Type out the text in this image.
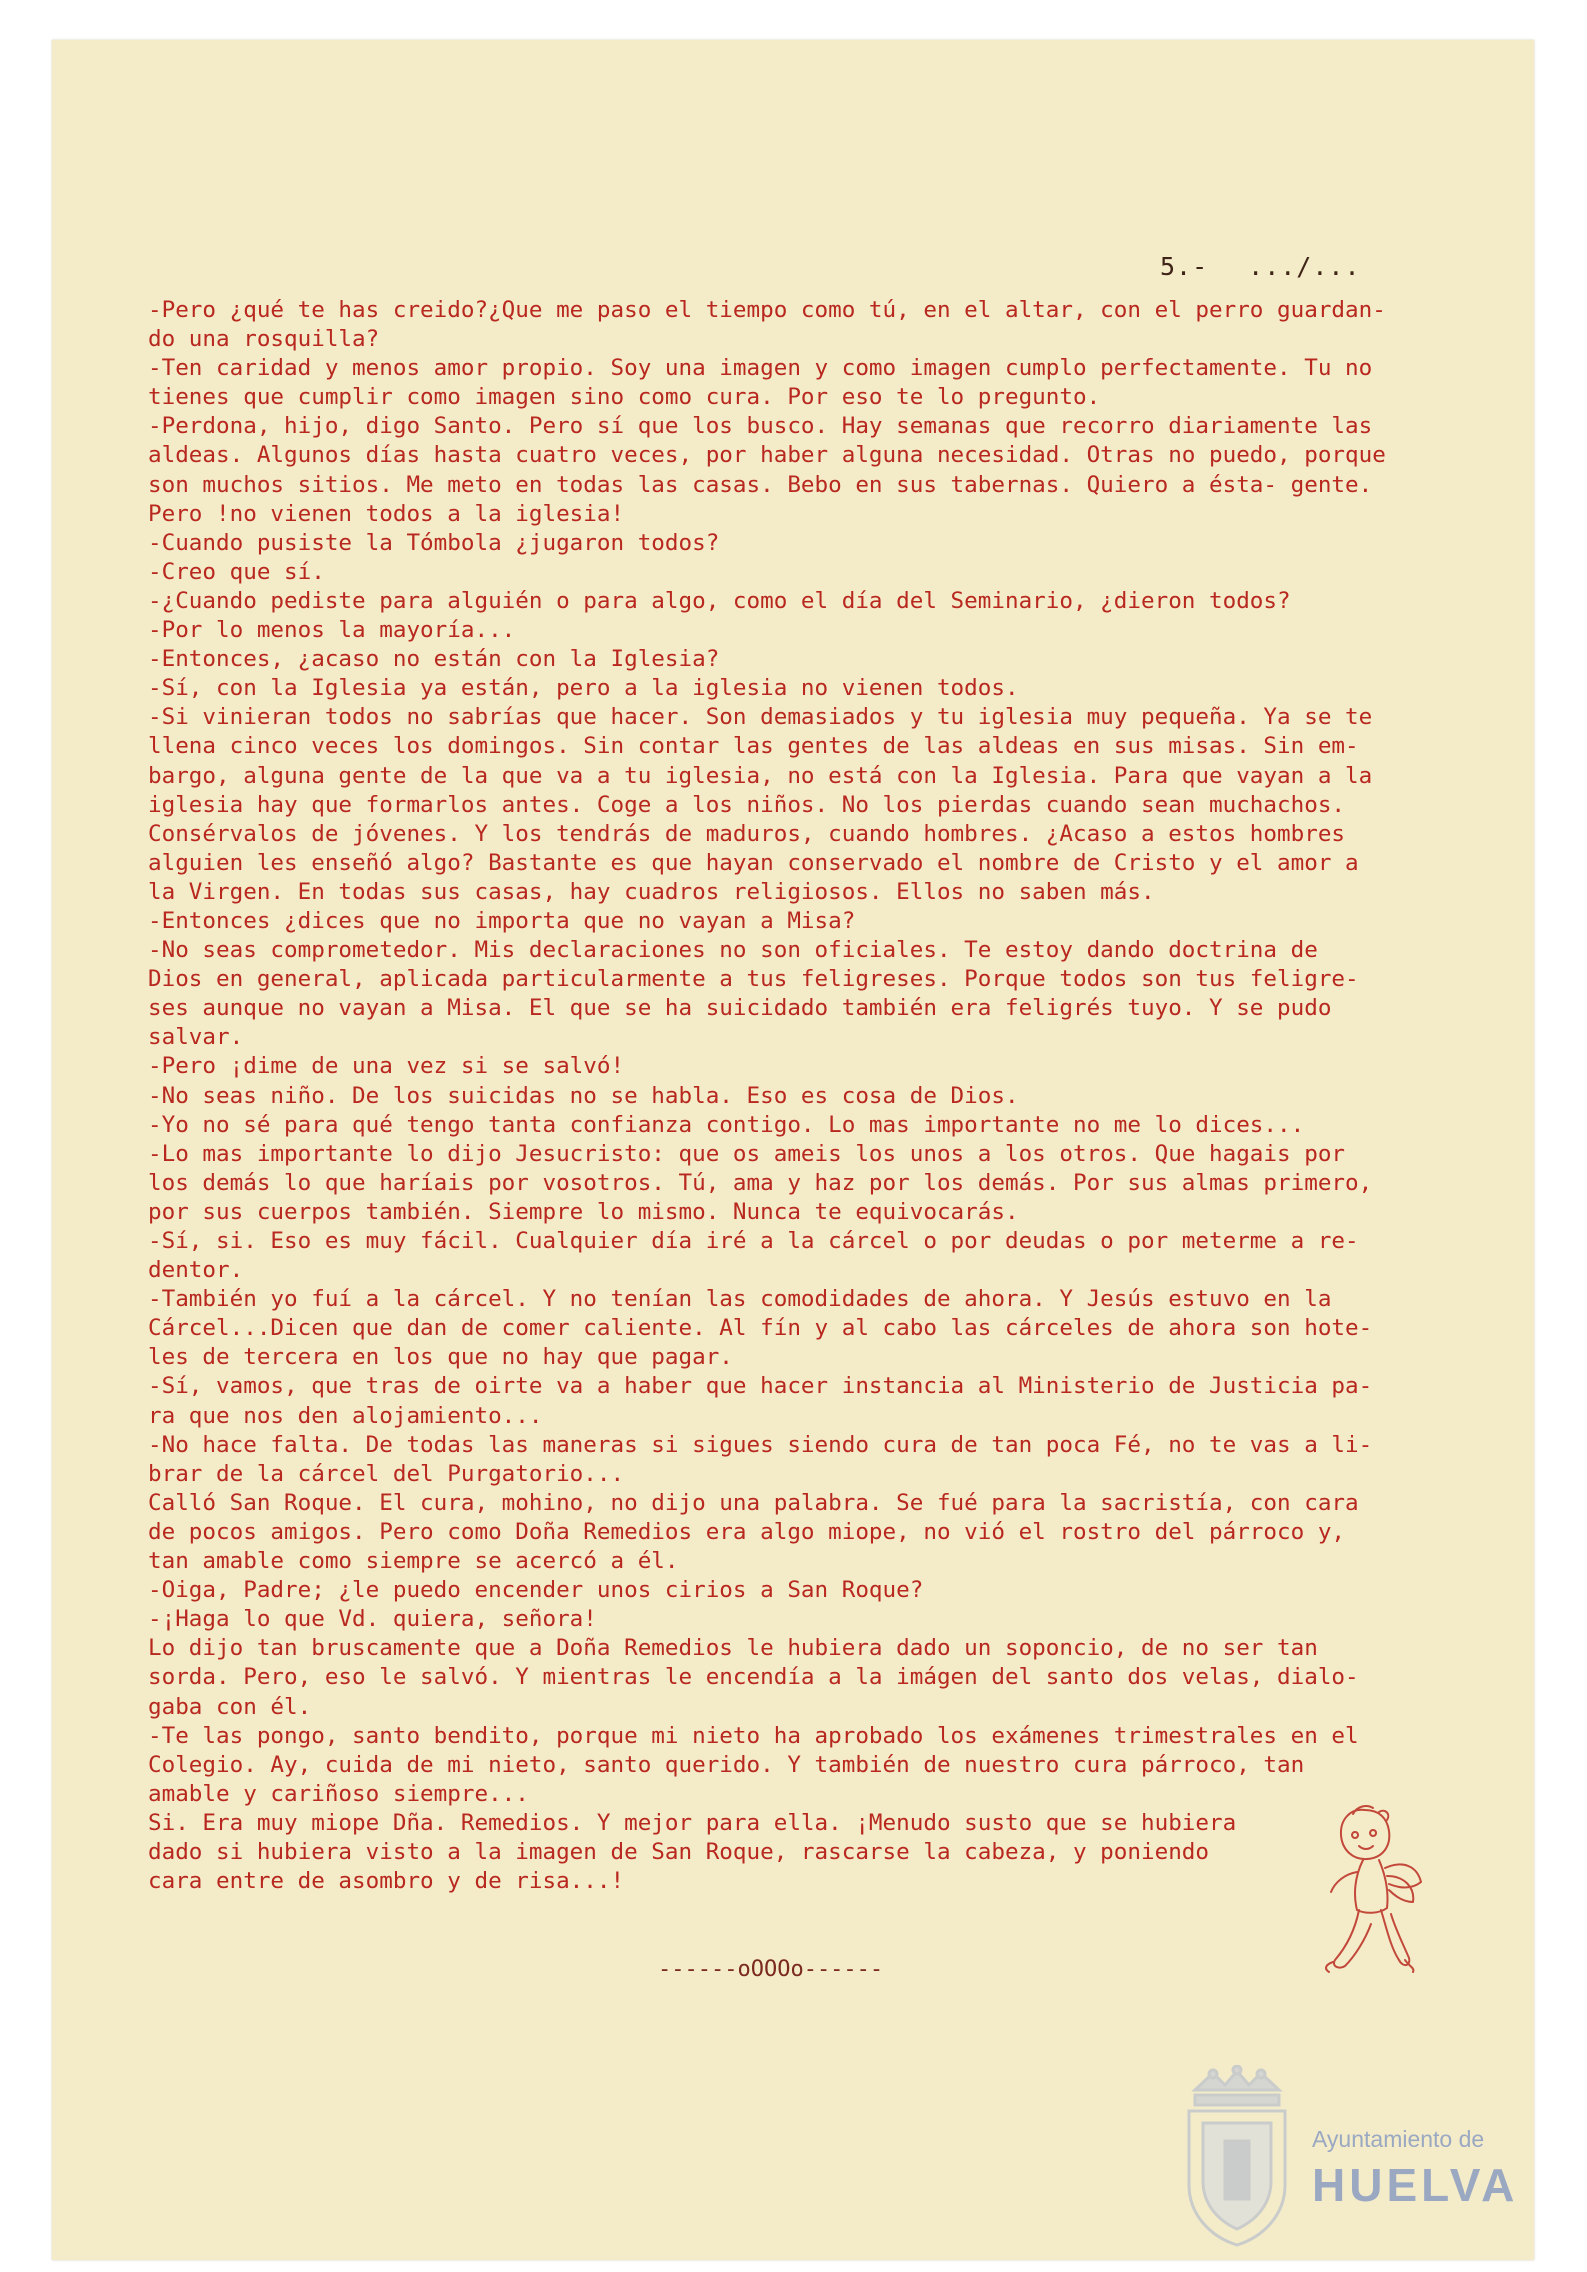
5.- .../...
-Pero ¿qué te has creido?¿Que me paso el tiempo como tú, en el altar, con el perro guardan-
do una rosquilla?
-Ten caridad y menos amor propio. Soy una imagen y como imagen cumplo perfectamente. Tu no
tienes que cumplir como imagen sino como cura. Por eso te lo pregunto.
-Perdona, hijo, digo Santo. Pero sí que los busco. Hay semanas que recorro diariamente las
aldeas. Algunos días hasta cuatro veces, por haber alguna necesidad. Otras no puedo, porque
son muchos sitios. Me meto en todas las casas. Bebo en sus tabernas. Quiero a ésta- gente.
Pero !no vienen todos a la iglesia!
-Cuando pusiste la Tómbola ¿jugaron todos?
-Creo que sí.
-¿Cuando pediste para alguién o para algo, como el día del Seminario, ¿dieron todos?
-Por lo menos la mayoría...
-Entonces, ¿acaso no están con la Iglesia?
-Sí, con la Iglesia ya están, pero a la iglesia no vienen todos.
-Si vinieran todos no sabrías que hacer. Son demasiados y tu iglesia muy pequeña. Ya se te
llena cinco veces los domingos. Sin contar las gentes de las aldeas en sus misas. Sin em-
bargo, alguna gente de la que va a tu iglesia, no está con la Iglesia. Para que vayan a la
iglesia hay que formarlos antes. Coge a los niños. No los pierdas cuando sean muchachos.
Consérvalos de jóvenes. Y los tendrás de maduros, cuando hombres. ¿Acaso a estos hombres
alguien les enseñó algo? Bastante es que hayan conservado el nombre de Cristo y el amor a
la Virgen. En todas sus casas, hay cuadros religiosos. Ellos no saben más.
-Entonces ¿dices que no importa que no vayan a Misa?
-No seas comprometedor. Mis declaraciones no son oficiales. Te estoy dando doctrina de
Dios en general, aplicada particularmente a tus feligreses. Porque todos son tus feligre-
ses aunque no vayan a Misa. El que se ha suicidado también era feligrés tuyo. Y se pudo
salvar.
-Pero ¡dime de una vez si se salvó!
-No seas niño. De los suicidas no se habla. Eso es cosa de Dios.
-Yo no sé para qué tengo tanta confianza contigo. Lo mas importante no me lo dices...
-Lo mas importante lo dijo Jesucristo: que os ameis los unos a los otros. Que hagais por
los demás lo que haríais por vosotros. Tú, ama y haz por los demás. Por sus almas primero,
por sus cuerpos también. Siempre lo mismo. Nunca te equivocarás.
-Sí, si. Eso es muy fácil. Cualquier día iré a la cárcel o por deudas o por meterme a re-
dentor.
-También yo fuí a la cárcel. Y no tenían las comodidades de ahora. Y Jesús estuvo en la
Cárcel...Dicen que dan de comer caliente. Al fín y al cabo las cárceles de ahora son hote-
les de tercera en los que no hay que pagar.
-Sí, vamos, que tras de oirte va a haber que hacer instancia al Ministerio de Justicia pa-
ra que nos den alojamiento...
-No hace falta. De todas las maneras si sigues siendo cura de tan poca Fé, no te vas a li-
brar de la cárcel del Purgatorio...
Calló San Roque. El cura, mohino, no dijo una palabra. Se fué para la sacristía, con cara
de pocos amigos. Pero como Doña Remedios era algo miope, no vió el rostro del párroco y,
tan amable como siempre se acercó a él.
-Oiga, Padre; ¿le puedo encender unos cirios a San Roque?
-¡Haga lo que Vd. quiera, señora!
Lo dijo tan bruscamente que a Doña Remedios le hubiera dado un soponcio, de no ser tan
sorda. Pero, eso le salvó. Y mientras le encendía a la imágen del santo dos velas, dialo-
gaba con él.
-Te las pongo, santo bendito, porque mi nieto ha aprobado los exámenes trimestrales en el
Colegio. Ay, cuida de mi nieto, santo querido. Y también de nuestro cura párroco, tan
amable y cariñoso siempre...
Si. Era muy miope Dña. Remedios. Y mejor para ella. ¡Menudo susto que se hubiera
dado si hubiera visto a la imagen de San Roque, rascarse la cabeza, y poniendo
cara entre de asombro y de risa...!
------oOOOo------
Ayuntamiento de
HUELVA
